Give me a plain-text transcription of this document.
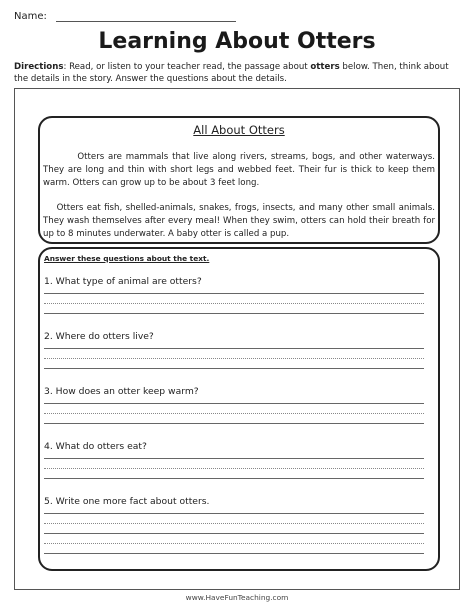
Name:
Learning About Otters
Directions: Read, or listen to your teacher read, the passage about otters below. Then, think about the details in the story. Answer the questions about the details.
All About Otters
Otters are mammals that live along rivers, streams, bogs, and other waterways. They are long and thin with short legs and webbed feet. Their fur is thick to keep them warm. Otters can grow up to be about 3 feet long.
Otters eat fish, shelled-animals, snakes, frogs, insects, and many other small animals. They wash themselves after every meal! When they swim, otters can hold their breath for up to 8 minutes underwater. A baby otter is called a pup.
Answer these questions about the text.
1. What type of animal are otters?
2. Where do otters live?
3. How does an otter keep warm?
4. What do otters eat?
5. Write one more fact about otters.
www.HaveFunTeaching.com
